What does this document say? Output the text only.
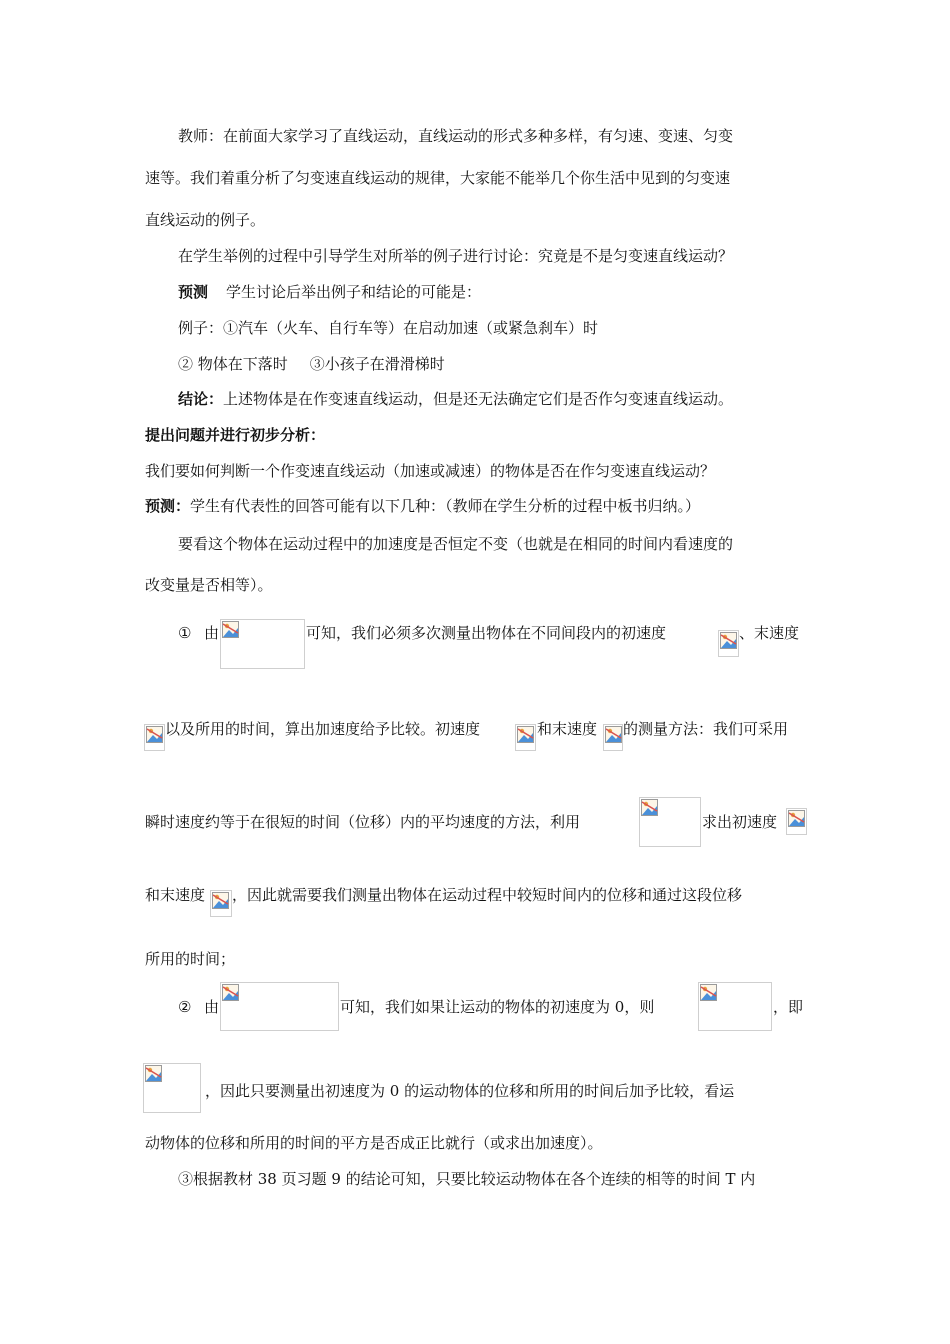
教师：在前面大家学习了直线运动，直线运动的形式多种多样，有匀速、变速、匀变
速等。我们着重分析了匀变速直线运动的规律，大家能不能举几个你生活中见到的匀变速
直线运动的例子。
在学生举例的过程中引导学生对所举的例子进行讨论：究竟是不是匀变速直线运动？
预测 学生讨论后举出例子和结论的可能是：
例子：①汽车（火车、自行车等）在启动加速（或紧急刹车）时
② 物体在下落时 ③小孩子在滑滑梯时
结论：上述物体是在作变速直线运动，但是还无法确定它们是否作匀变速直线运动。
提出问题并进行初步分析：
我们要如何判断一个作变速直线运动（加速或减速）的物体是否在作匀变速直线运动？
预测：学生有代表性的回答可能有以下几种：（教师在学生分析的过程中板书归纳。）
要看这个物体在运动过程中的加速度是否恒定不变（也就是在相同的时间内看速度的
改变量是否相等）。
① 由	可知，我们必须多次测量出物体在不同间段内的初速度	、末速度
以及所用的时间，算出加速度给予比较。初速度	和末速度 的测量方法：我们可采用
瞬时速度约等于在很短的时间（位移）内的平均速度的方法，利用	求出初速度
和末速度 ，因此就需要我们测量出物体在运动过程中较短时间内的位移和通过这段位移
所用的时间；
② 由	可知，我们如果让运动的物体的初速度为 0，则	，即
，因此只要测量出初速度为 0 的运动物体的位移和所用的时间后加予比较，看运
动物体的位移和所用的时间的平方是否成正比就行（或求出加速度）。
③根据教材 38 页习题 9 的结论可知，只要比较运动物体在各个连续的相等的时间 T 内
